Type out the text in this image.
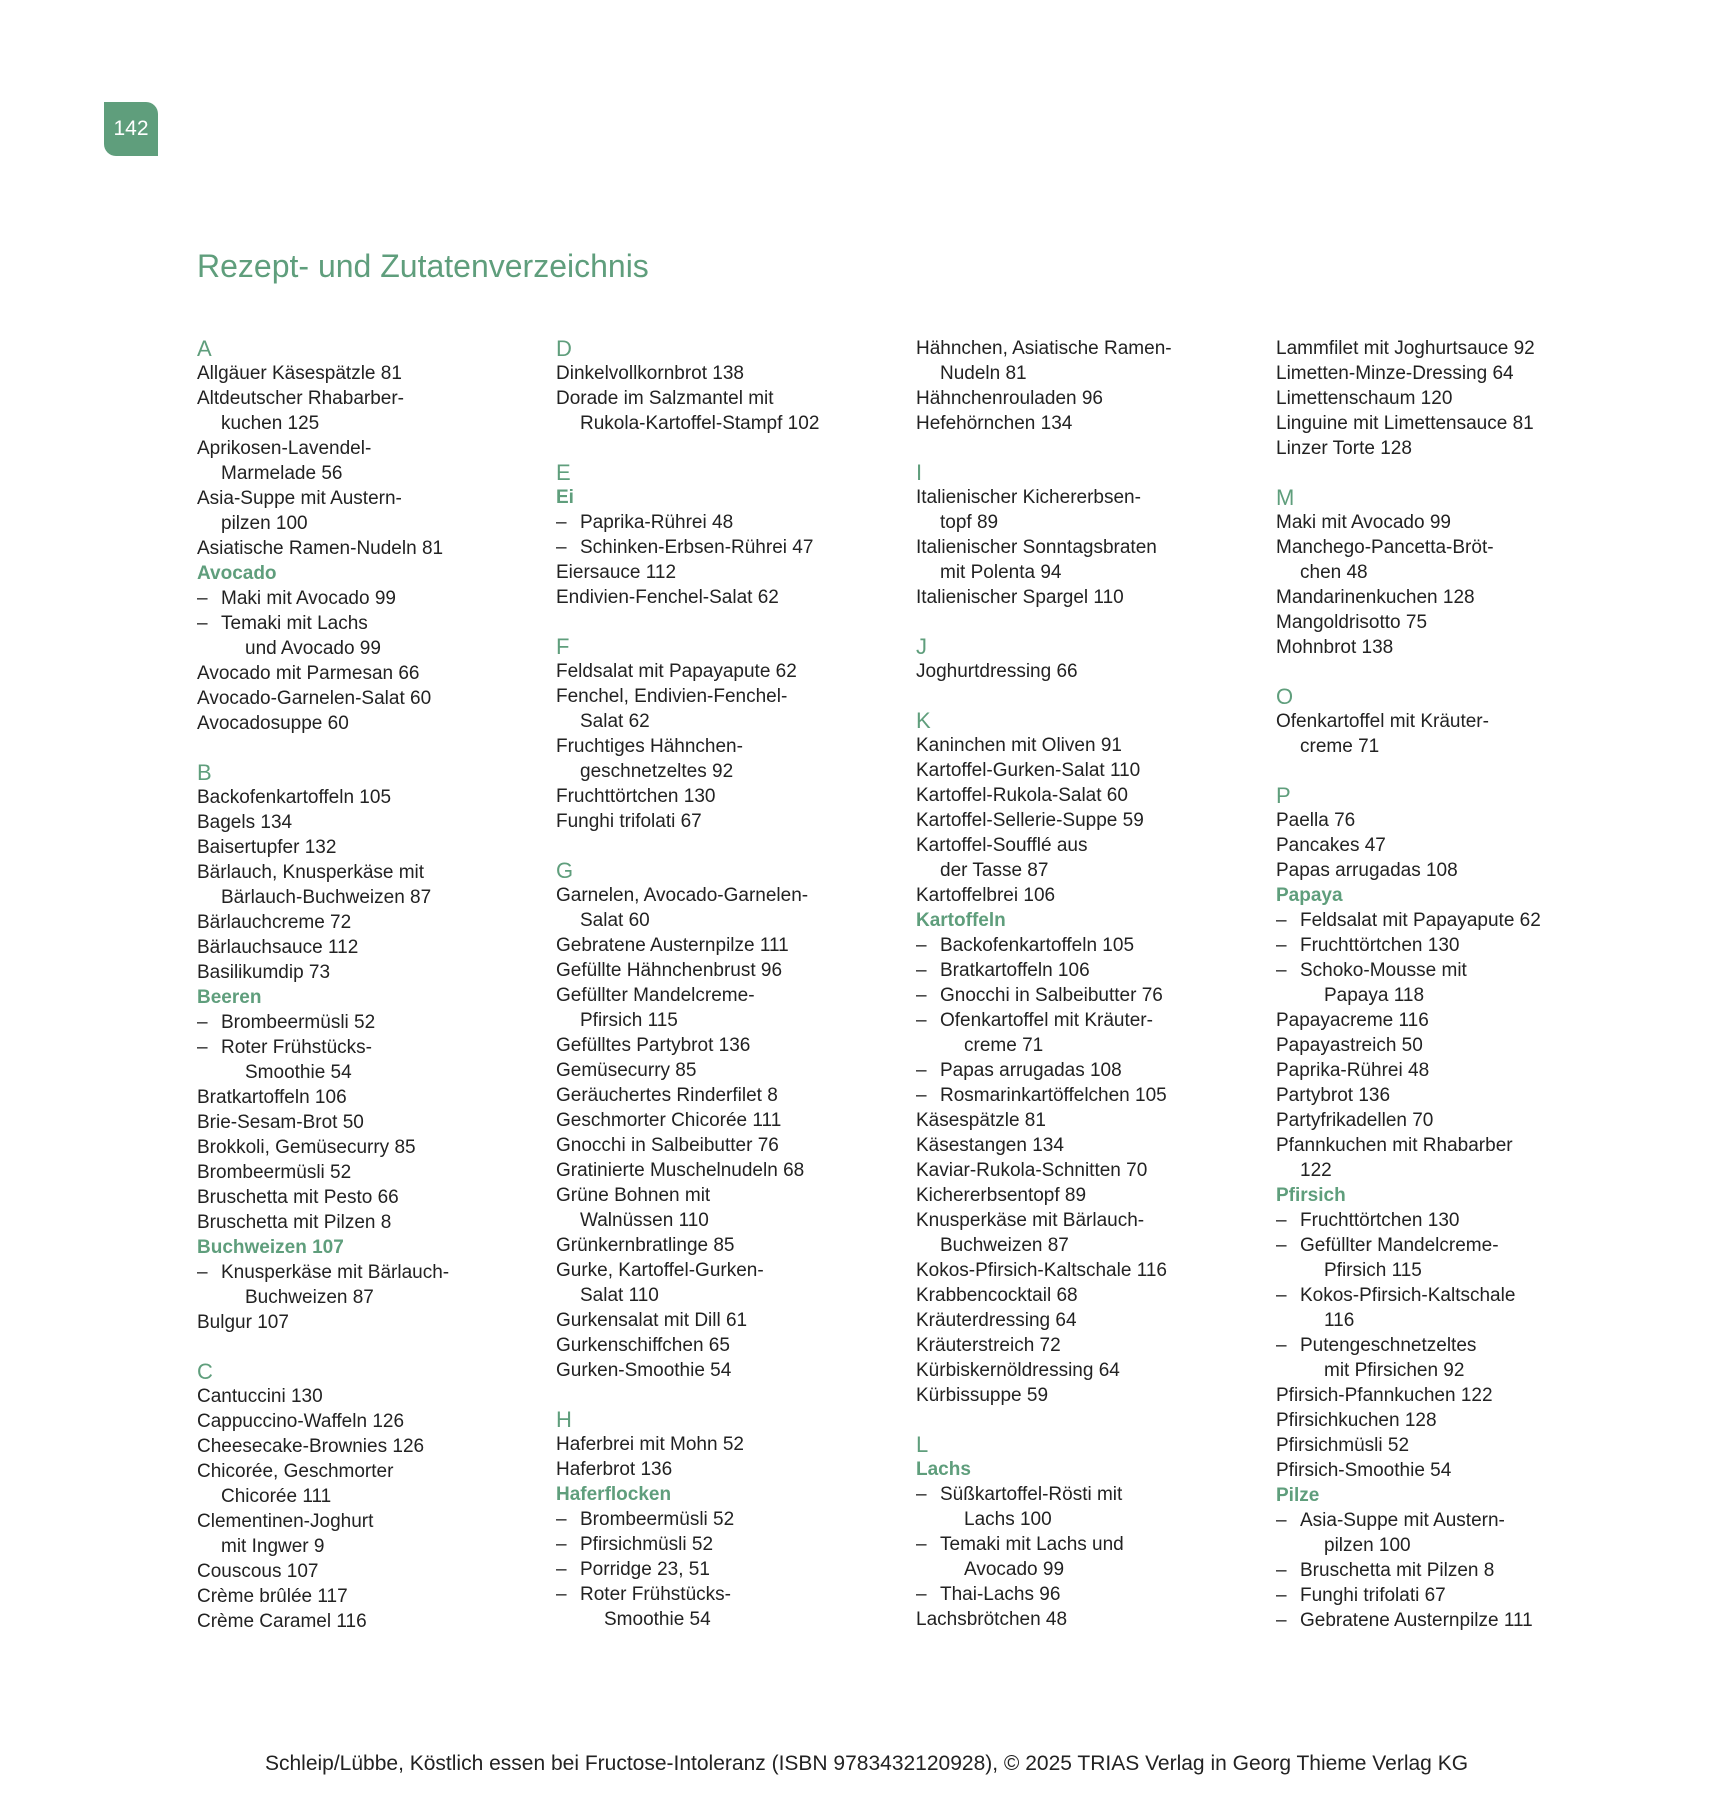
142
Rezept- und Zutatenverzeichnis
A
Allgäuer Käsespätzle 81
Altdeutscher Rhabarber-
kuchen 125
Aprikosen-Lavendel-
Marmelade 56
Asia-Suppe mit Austern-
pilzen 100
Asiatische Ramen-Nudeln 81
Avocado
– Maki mit Avocado 99
– Temaki mit Lachs
und Avocado 99
Avocado mit Parmesan 66
Avocado-Garnelen-Salat 60
Avocadosuppe 60
B
Backofenkartoffeln 105
Bagels 134
Baisertupfer 132
Bärlauch, Knusperkäse mit
Bärlauch-Buchweizen 87
Bärlauchcreme 72
Bärlauchsauce 112
Basilikumdip 73
Beeren
– Brombeermüsli 52
– Roter Frühstücks-
Smoothie 54
Bratkartoffeln 106
Brie-Sesam-Brot 50
Brokkoli, Gemüsecurry 85
Brombeermüsli 52
Bruschetta mit Pesto 66
Bruschetta mit Pilzen 8
Buchweizen 107
– Knusperkäse mit Bärlauch-
Buchweizen 87
Bulgur 107
C
Cantuccini 130
Cappuccino-Waffeln 126
Cheesecake-Brownies 126
Chicorée, Geschmorter
Chicorée 111
Clementinen-Joghurt
mit Ingwer 9
Couscous 107
Crème brûlée 117
Crème Caramel 116
D
Dinkelvollkornbrot 138
Dorade im Salzmantel mit
Rukola-Kartoffel-Stampf 102
E
Ei
– Paprika-Rührei 48
– Schinken-Erbsen-Rührei 47
Eiersauce 112
Endivien-Fenchel-Salat 62
F
Feldsalat mit Papayapute 62
Fenchel, Endivien-Fenchel-
Salat 62
Fruchtiges Hähnchen-
geschnetzeltes 92
Fruchttörtchen 130
Funghi trifolati 67
G
Garnelen, Avocado-Garnelen-
Salat 60
Gebratene Austernpilze 111
Gefüllte Hähnchenbrust 96
Gefüllter Mandelcreme-
Pfirsich 115
Gefülltes Partybrot 136
Gemüsecurry 85
Geräuchertes Rinderfilet 8
Geschmorter Chicorée 111
Gnocchi in Salbeibutter 76
Gratinierte Muschelnudeln 68
Grüne Bohnen mit
Walnüssen 110
Grünkernbratlinge 85
Gurke, Kartoffel-Gurken-
Salat 110
Gurkensalat mit Dill 61
Gurkenschiffchen 65
Gurken-Smoothie 54
H
Haferbrei mit Mohn 52
Haferbrot 136
Haferflocken
– Brombeermüsli 52
– Pfirsichmüsli 52
– Porridge 23, 51
– Roter Frühstücks-
Smoothie 54
Hähnchen, Asiatische Ramen-
Nudeln 81
Hähnchenrouladen 96
Hefehörnchen 134
I
Italienischer Kichererbsen-
topf 89
Italienischer Sonntagsbraten
mit Polenta 94
Italienischer Spargel 110
J
Joghurtdressing 66
K
Kaninchen mit Oliven 91
Kartoffel-Gurken-Salat 110
Kartoffel-Rukola-Salat 60
Kartoffel-Sellerie-Suppe 59
Kartoffel-Soufflé aus
der Tasse 87
Kartoffelbrei 106
Kartoffeln
– Backofenkartoffeln 105
– Bratkartoffeln 106
– Gnocchi in Salbeibutter 76
– Ofenkartoffel mit Kräuter-
creme 71
– Papas arrugadas 108
– Rosmarinkartöffelchen 105
Käsespätzle 81
Käsestangen 134
Kaviar-Rukola-Schnitten 70
Kichererbsentopf 89
Knusperkäse mit Bärlauch-
Buchweizen 87
Kokos-Pfirsich-Kaltschale 116
Krabbencocktail 68
Kräuterdressing 64
Kräuterstreich 72
Kürbiskernöldressing 64
Kürbissuppe 59
L
Lachs
– Süßkartoffel-Rösti mit
Lachs 100
– Temaki mit Lachs und
Avocado 99
– Thai-Lachs 96
Lachsbrötchen 48
Lammfilet mit Joghurtsauce 92
Limetten-Minze-Dressing 64
Limettenschaum 120
Linguine mit Limettensauce 81
Linzer Torte 128
M
Maki mit Avocado 99
Manchego-Pancetta-Bröt-
chen 48
Mandarinenkuchen 128
Mangoldrisotto 75
Mohnbrot 138
O
Ofenkartoffel mit Kräuter-
creme 71
P
Paella 76
Pancakes 47
Papas arrugadas 108
Papaya
– Feldsalat mit Papayapute 62
– Fruchttörtchen 130
– Schoko-Mousse mit
Papaya 118
Papayacreme 116
Papayastreich 50
Paprika-Rührei 48
Partybrot 136
Partyfrikadellen 70
Pfannkuchen mit Rhabarber
122
Pfirsich
– Fruchttörtchen 130
– Gefüllter Mandelcreme-
Pfirsich 115
– Kokos-Pfirsich-Kaltschale
116
– Putengeschnetzeltes
mit Pfirsichen 92
Pfirsich-Pfannkuchen 122
Pfirsichkuchen 128
Pfirsichmüsli 52
Pfirsich-Smoothie 54
Pilze
– Asia-Suppe mit Austern-
pilzen 100
– Bruschetta mit Pilzen 8
– Funghi trifolati 67
– Gebratene Austernpilze 111
Schleip/Lübbe, Köstlich essen bei Fructose-Intoleranz (ISBN 9783432120928), © 2025 TRIAS Verlag in Georg Thieme Verlag KG
